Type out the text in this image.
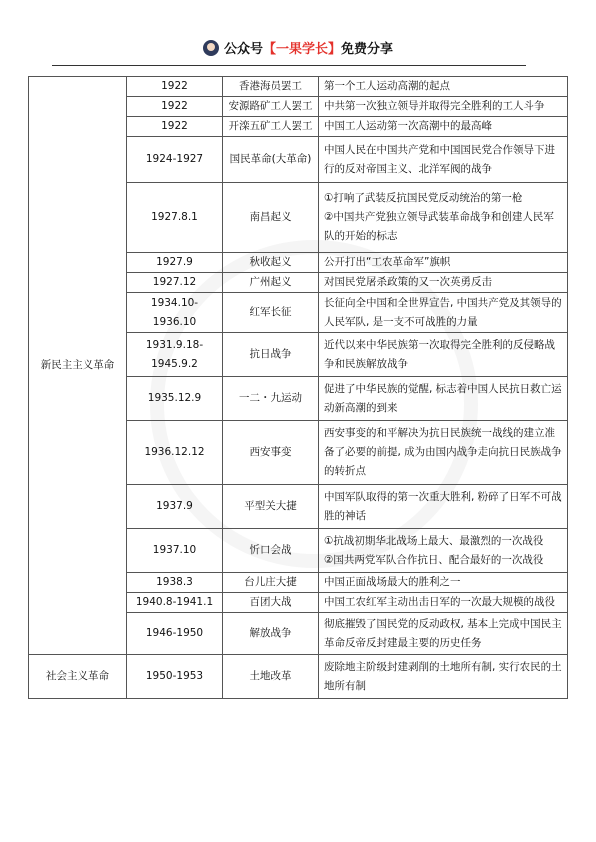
公众号【一果学长】免费分享
新民主主义革命	1922	香港海员罢工	第一个工人运动高潮的起点

	1922	安源路矿工人罢工	中共第一次独立领导并取得完全胜利的工人斗争

	1922	开滦五矿工人罢工	中国工人运动第一次高潮中的最高峰

	1924-1927	国民革命(大革命)	中国人民在中国共产党和中国国民党合作领导下进行的反对帝国主义、北洋军阀的战争

	1927.8.1	南昌起义	①打响了武装反抗国民党反动统治的第一枪
②中国共产党独立领导武装革命战争和创建人民军队的开始的标志

	1927.9	秋收起义	公开打出“工农革命军”旗帜

	1927.12	广州起义	对国民党屠杀政策的又一次英勇反击

	1934.10-1936.10	红军长征	长征向全中国和全世界宣告, 中国共产党及其领导的人民军队, 是一支不可战胜的力量

	1931.9.18-1945.9.2	抗日战争	近代以来中华民族第一次取得完全胜利的反侵略战争和民族解放战争

	1935.12.9	一二・九运动	促进了中华民族的觉醒, 标志着中国人民抗日救亡运动新高潮的到来

	1936.12.12	西安事变	西安事变的和平解决为抗日民族统一战线的建立准备了必要的前提, 成为由国内战争走向抗日民族战争的转折点

	1937.9	平型关大捷	中国军队取得的第一次重大胜利, 粉碎了日军不可战胜的神话

	1937.10	忻口会战	①抗战初期华北战场上最大、最激烈的一次战役
②国共两党军队合作抗日、配合最好的一次战役

	1938.3	台儿庄大捷	中国正面战场最大的胜利之一

	1940.8-1941.1	百团大战	中国工农红军主动出击日军的一次最大规模的战役

	1946-1950	解放战争	彻底摧毁了国民党的反动政权, 基本上完成中国民主革命反帝反封建最主要的历史任务

社会主义革命	1950-1953	土地改革	废除地主阶级封建剥削的土地所有制, 实行农民的土地所有制
